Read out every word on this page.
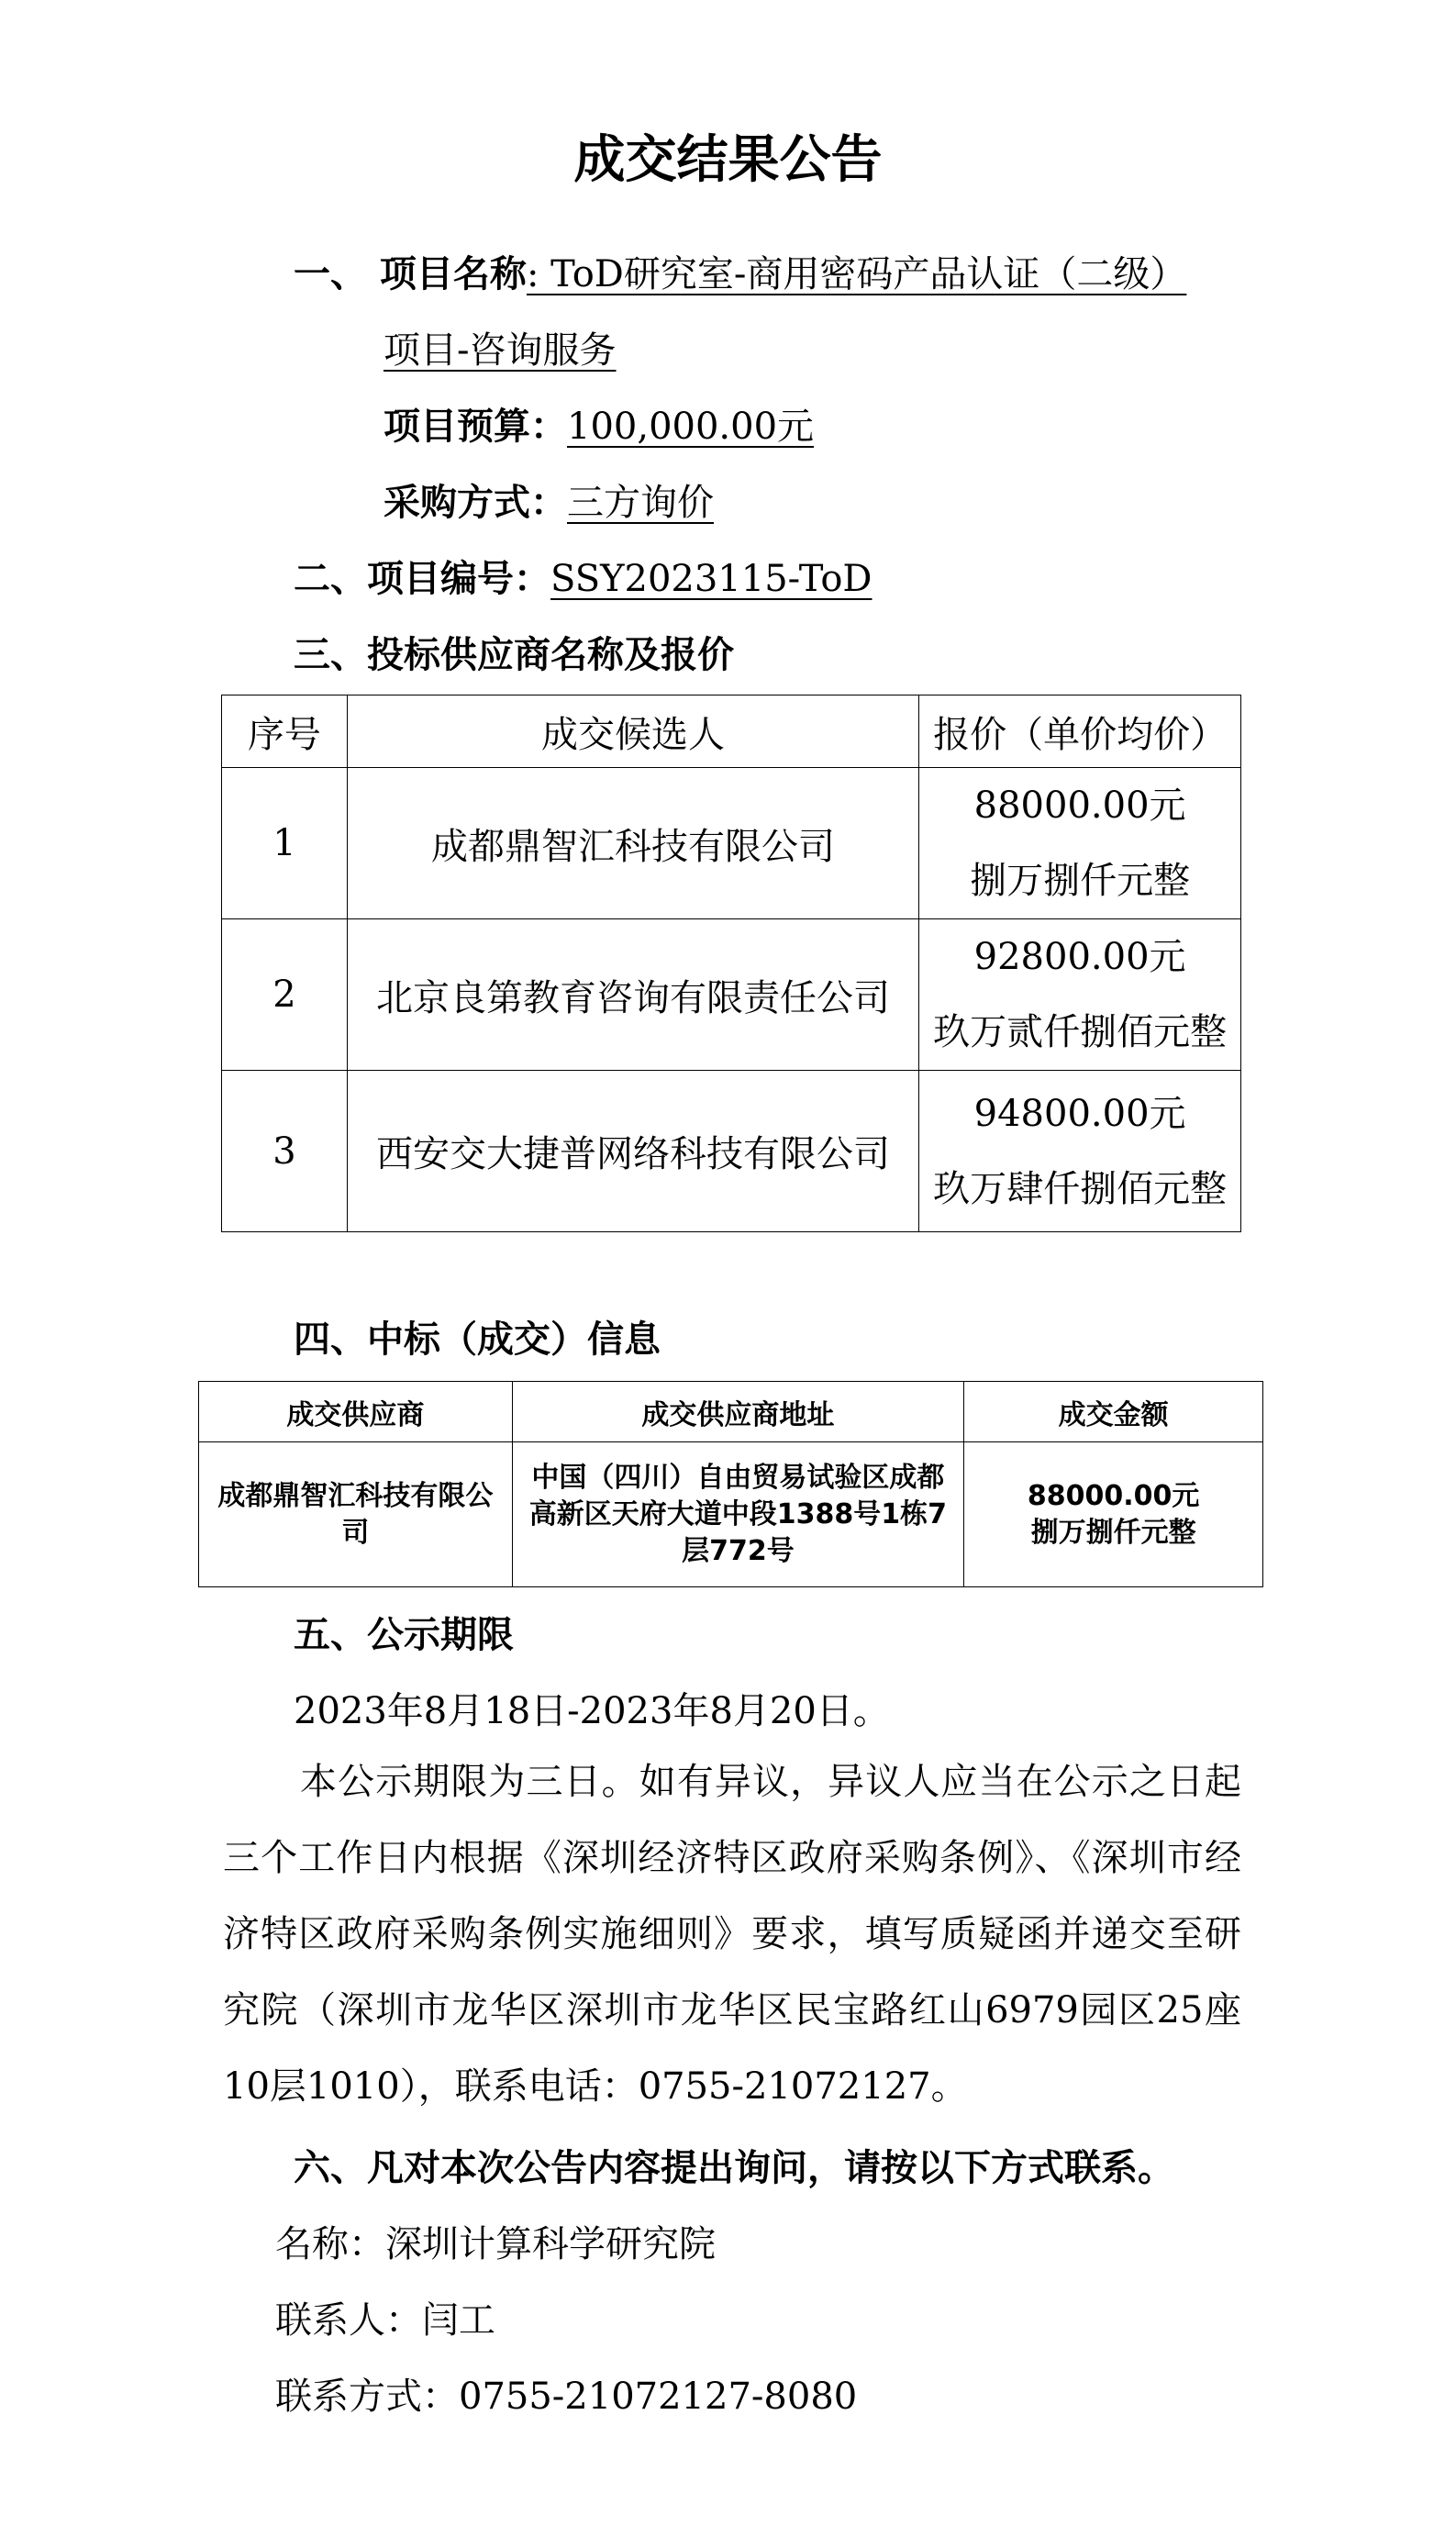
成交结果公告
一、 项目名称: ToD研究室-商用密码产品认证（二级）
项目-咨询服务
项目预算：100,000.00元
采购方式：三方询价
二、项目编号：SSY2023115-ToD
三、投标供应商名称及报价
序号	成交候选人	报价（单价均价）
1	成都鼎智汇科技有限公司	88000.00元
捌万捌仟元整

2	北京良第教育咨询有限责任公司	92800.00元
玖万贰仟捌佰元整

3	西安交大捷普网络科技有限公司	94800.00元
玖万肆仟捌佰元整
四、中标（成交）信息
成交供应商	成交供应商地址	成交金额
成都鼎智汇科技有限公司	中国（四川）自由贸易试验区成都高新区天府大道中段1388号1栋7层772号	88000.00元
捌万捌仟元整
五、公示期限
2023年8月18日-2023年8月20日。
本公示期限为三日。如有异议，异议人应当在公示之日起三个工作日内根据《深圳经济特区政府采购条例》、《深圳市经济特区政府采购条例实施细则》要求，填写质疑函并递交至研究院（深圳市龙华区深圳市龙华区民宝路红山6979园区25座10层1010），联系电话：0755-21072127。
六、凡对本次公告内容提出询问，请按以下方式联系。
名称：深圳计算科学研究院
联系人：闫工
联系方式：0755-21072127-8080
